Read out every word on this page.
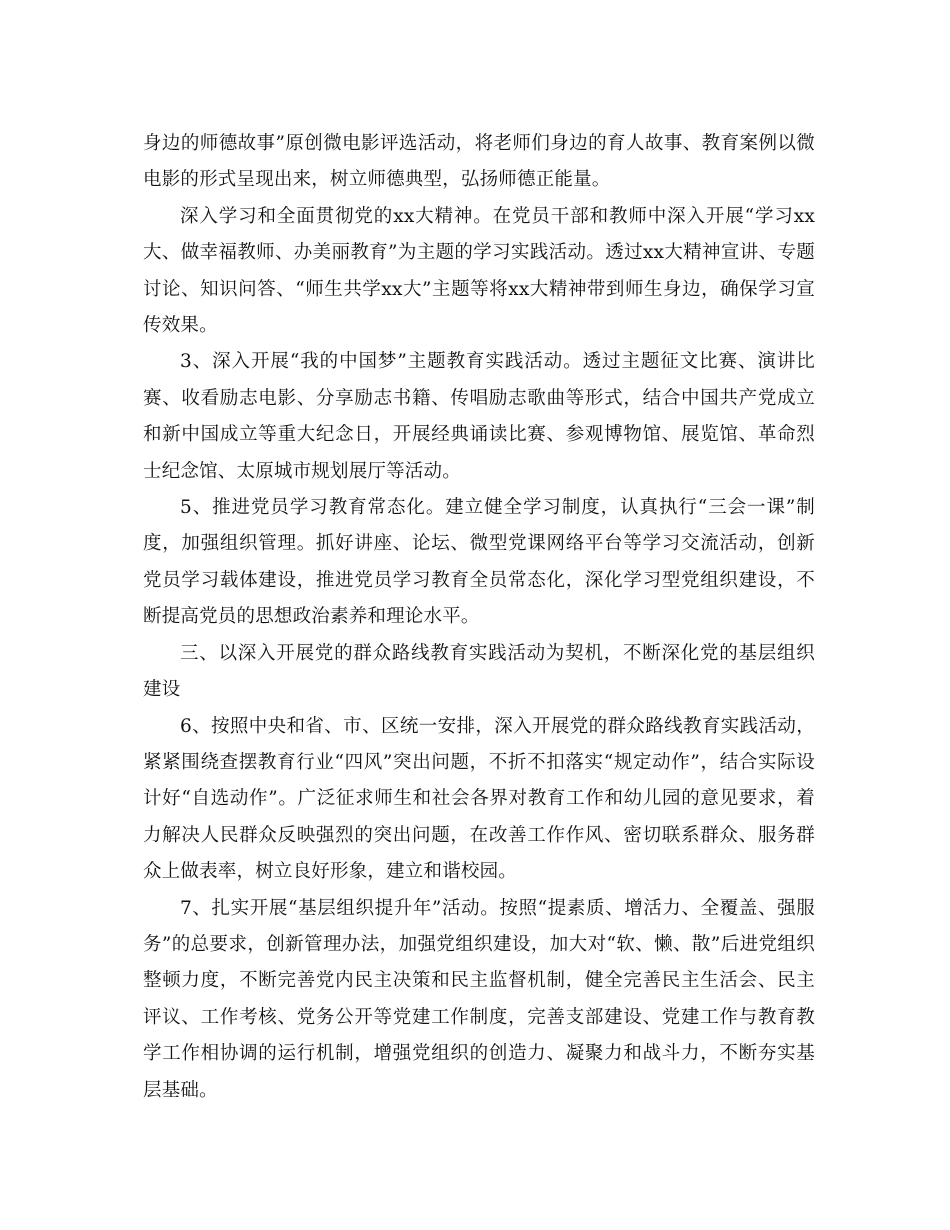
身边的师德故事”原创微电影评选活动，将老师们身边的育人故事、教育案例以微电影的形式呈现出来，树立师德典型，弘扬师德正能量。

深入学习和全面贯彻党的xx大精神。在党员干部和教师中深入开展“学习xx大、做幸福教师、办美丽教育”为主题的学习实践活动。透过xx大精神宣讲、专题讨论、知识问答、“师生共学xx大”主题等将xx大精神带到师生身边，确保学习宣传效果。

3、深入开展“我的中国梦”主题教育实践活动。透过主题征文比赛、演讲比赛、收看励志电影、分享励志书籍、传唱励志歌曲等形式，结合中国共产党成立和新中国成立等重大纪念日，开展经典诵读比赛、参观博物馆、展览馆、革命烈士纪念馆、太原城市规划展厅等活动。

5、推进党员学习教育常态化。建立健全学习制度，认真执行“三会一课”制度，加强组织管理。抓好讲座、论坛、微型党课网络平台等学习交流活动，创新党员学习载体建设，推进党员学习教育全员常态化，深化学习型党组织建设，不断提高党员的思想政治素养和理论水平。

三、以深入开展党的群众路线教育实践活动为契机，不断深化党的基层组织建设

6、按照中央和省、市、区统一安排，深入开展党的群众路线教育实践活动，紧紧围绕查摆教育行业“四风”突出问题，不折不扣落实“规定动作”，结合实际设计好“自选动作”。广泛征求师生和社会各界对教育工作和幼儿园的意见要求，着力解决人民群众反映强烈的突出问题，在改善工作作风、密切联系群众、服务群众上做表率，树立良好形象，建立和谐校园。

7、扎实开展“基层组织提升年”活动。按照“提素质、增活力、全覆盖、强服务”的总要求，创新管理办法，加强党组织建设，加大对“软、懒、散”后进党组织整顿力度，不断完善党内民主决策和民主监督机制，健全完善民主生活会、民主评议、工作考核、党务公开等党建工作制度，完善支部建设、党建工作与教育教学工作相协调的运行机制，增强党组织的创造力、凝聚力和战斗力，不断夯实基层基础。
